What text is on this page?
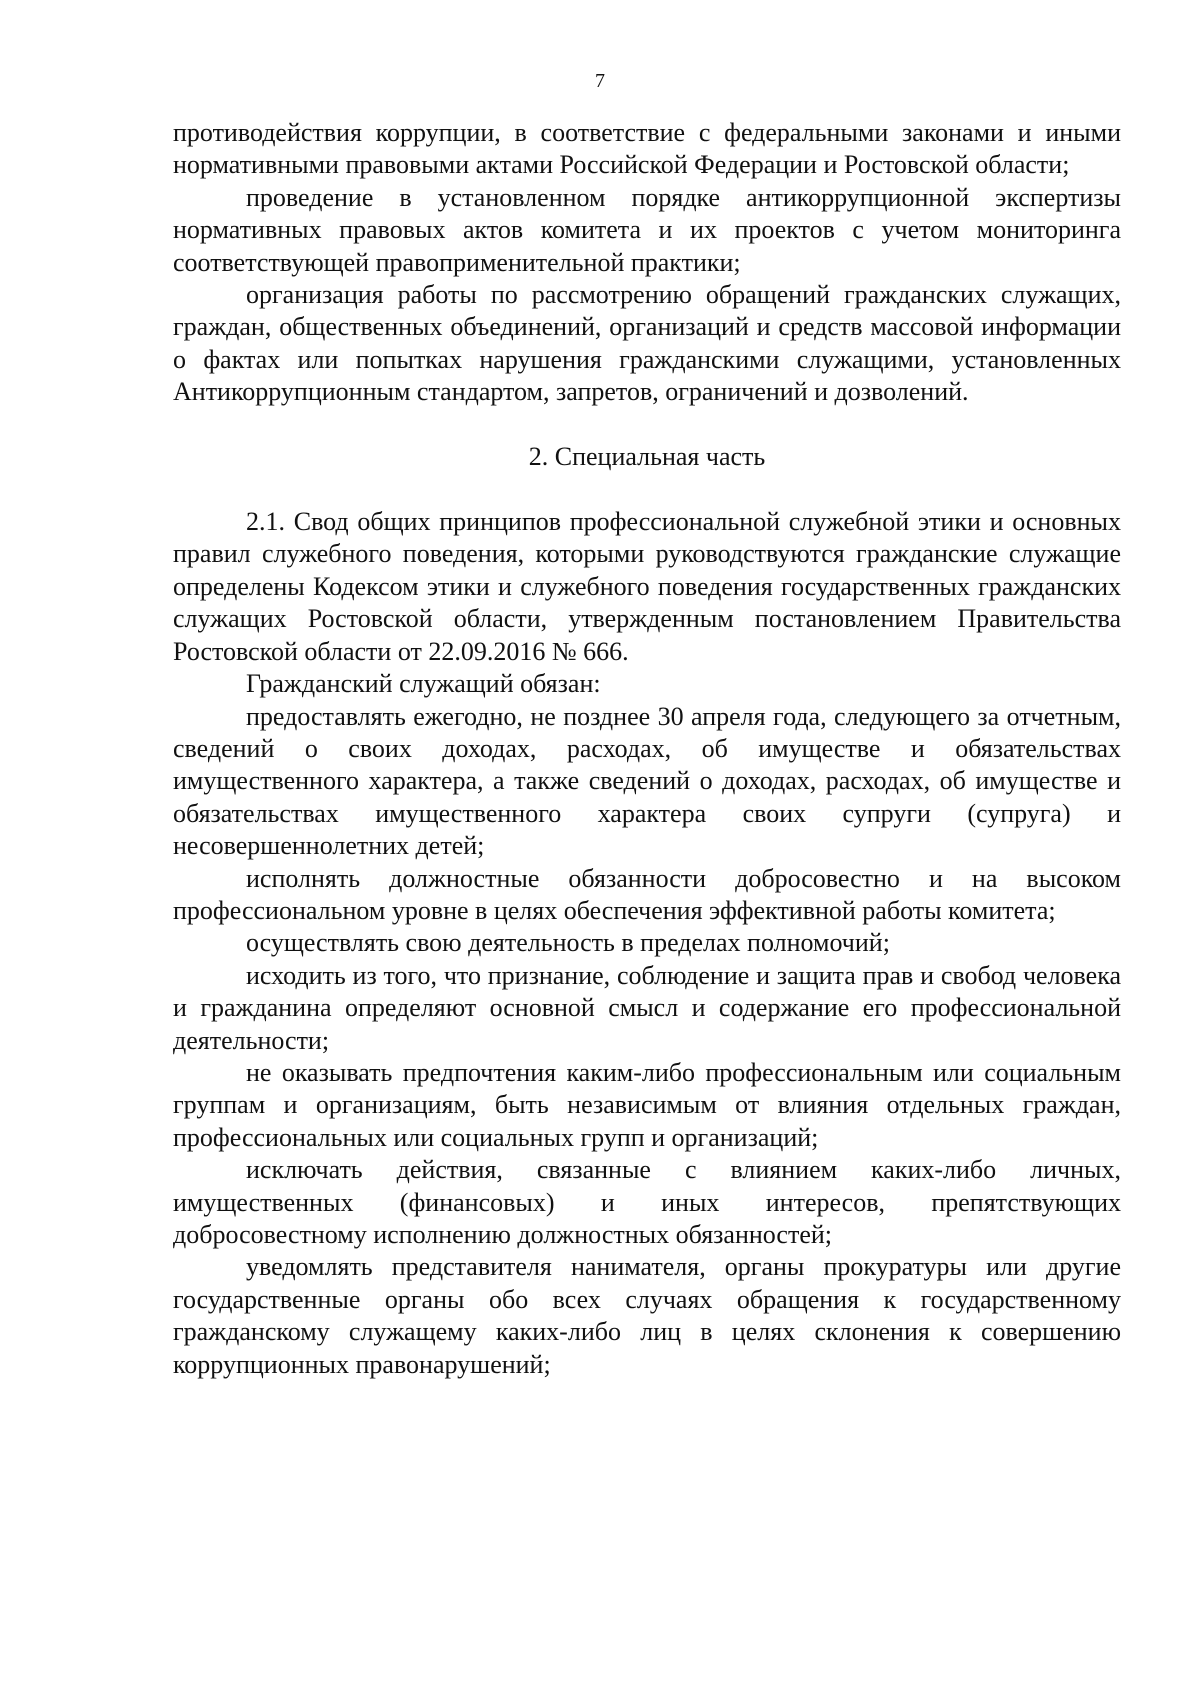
7

противодействия коррупции, в соответствие с федеральными законами и иными нормативными правовыми актами Российской Федерации и Ростовской области;

проведение в установленном порядке антикоррупционной экспертизы нормативных правовых актов комитета и их проектов с учетом мониторинга соответствующей правоприменительной практики;

организация работы по рассмотрению обращений гражданских служащих, граждан, общественных объединений, организаций и средств массовой информации о фактах или попытках нарушения гражданскими служащими, установленных Антикоррупционным стандартом, запретов, ограничений и дозволений.

2. Специальная часть

2.1. Свод общих принципов профессиональной служебной этики и основных правил служебного поведения, которыми руководствуются гражданские служащие определены Кодексом этики и служебного поведения государственных гражданских служащих Ростовской области, утвержденным постановлением Правительства Ростовской области от 22.09.2016 № 666.

Гражданский служащий обязан:

предоставлять ежегодно, не позднее 30 апреля года, следующего за отчетным, сведений о своих доходах, расходах, об имуществе и обязательствах имущественного характера, а также сведений о доходах, расходах, об имуществе и обязательствах имущественного характера своих супруги (супруга) и несовершеннолетних детей;

исполнять должностные обязанности добросовестно и на высоком профессиональном уровне в целях обеспечения эффективной работы комитета;

осуществлять свою деятельность в пределах полномочий;

исходить из того, что признание, соблюдение и защита прав и свобод человека и гражданина определяют основной смысл и содержание его профессиональной деятельности;

не оказывать предпочтения каким-либо профессиональным или социальным группам и организациям, быть независимым от влияния отдельных граждан, профессиональных или социальных групп и организаций;

исключать действия, связанные с влиянием каких-либо личных, имущественных (финансовых) и иных интересов, препятствующих добросовестному исполнению должностных обязанностей;

уведомлять представителя нанимателя, органы прокуратуры или другие государственные органы обо всех случаях обращения к государственному гражданскому служащему каких-либо лиц в целях склонения к совершению коррупционных правонарушений;
